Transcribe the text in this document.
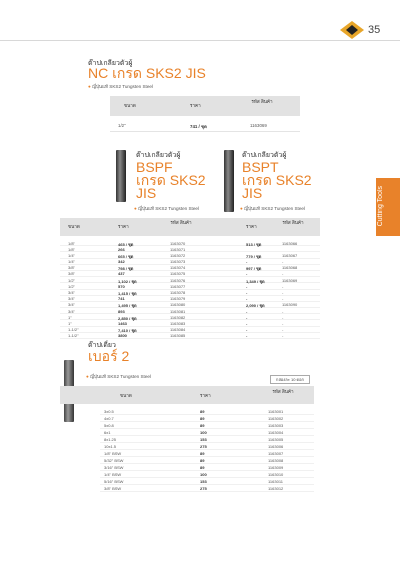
35
Cutting Tools
ต๊าปเกลียวตัวผู้
NC เกรด SKS2 JIS
● ญี่ปุ่นแท้ SKS2 Tungsten Steel
ขนาด	ราคา
รหัส สินค้า
1/2"	741 / ชุด	1163069
ต๊าปเกลียวตัวผู้
BSPF
เกรด SKS2
JIS
ต๊าปเกลียวตัวผู้
BSPT
เกรด SKS2
JIS
● ญี่ปุ่นแท้ SKS2 Tungsten Steel	● ญี่ปุ่นแท้ SKS2 Tungsten Steel
ขนาด	ราคา
รหัส สินค้า
ราคา
รหัส สินค้า
1/8"	465 / ชุด	1163070	513 / ชุด	1163066
1/8"	266	1163071
1/4"	665 / ชุด	1163072	779 / ชุด	1163067
1/4"	342	1163073	-	-
3/8"	798 / ชุด	1163074	997 / ชุด	1163068
3/8"	437	1163075	-	-
1/2"	1,102 / ชุด	1163076	1,349 / ชุด	1163069
1/2"	570	1163077	-	-
3/4"	1,415 / ชุด	1163078	-	-
3/4"	741	1163079	-	-
3/4"	1,495 / ชุด	1163080	2,090 / ชุด	1163090
3/4"	893	1163081	-	-
1"	2,850 / ชุด	1163082	-	-
1"	1463	1163083	-	-
1-1/2"	7,410 / ชุด	1163084	-	-
1-1/2"	3800	1163085	-	-
ต๊าปเดี่ยว
เบอร์ 2
● ญี่ปุ่นแท้ SKS2 Tungsten Steel
กล่องละ 10 ดอก
ขนาด	ราคา
รหัส สินค้า
3x0.5	89	1163001
4x0.7	89	1163002
5x0.8	89	1163003
6x1	100	1163004
8x1.25	153	1163005
10x1.5	275	1163006
1/8" BSW	89	1163007
5/32" BSW	89	1163008
3/16" BSW	89	1163009
1/4" BSW	100	1163010
5/16" BSW	153	1163011
3/8" BSW	275	1163012
